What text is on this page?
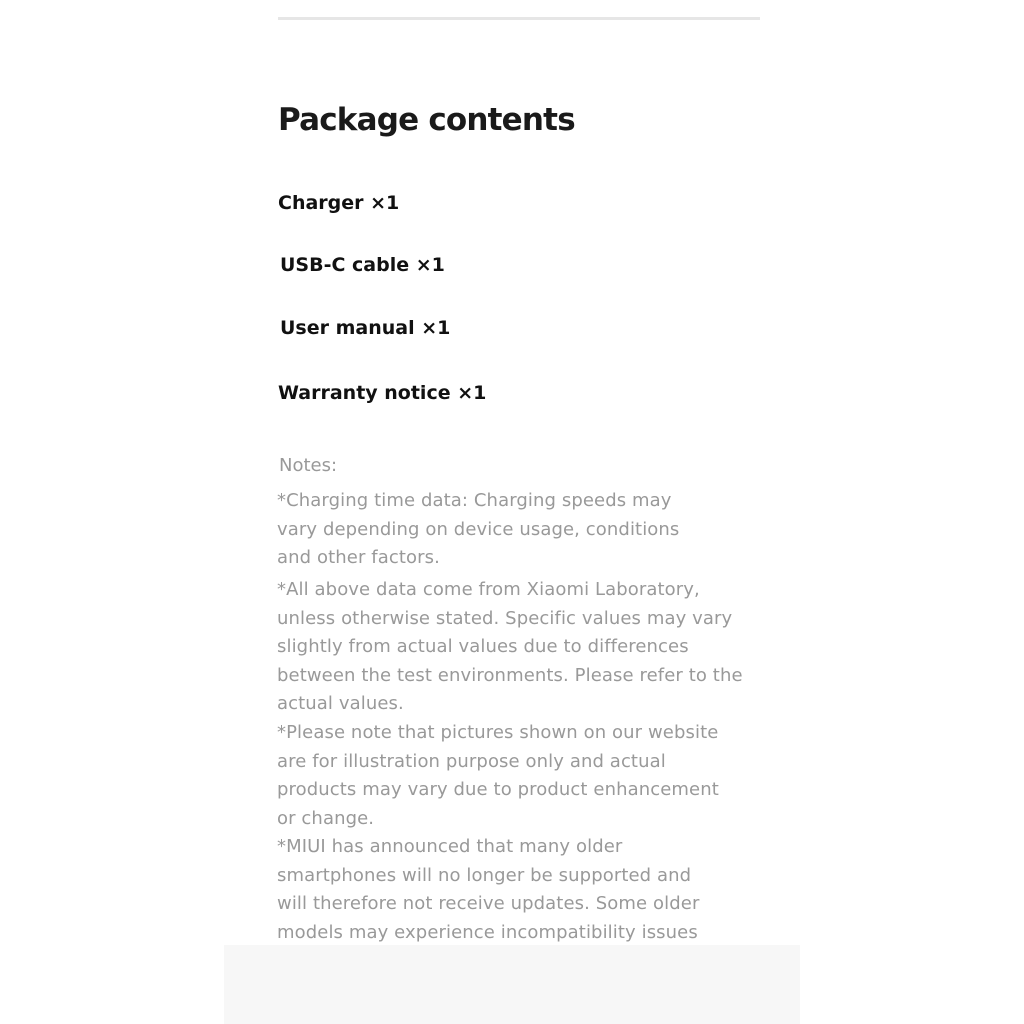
Package contents

Charger ×1

USB-C cable ×1

User manual ×1

Warranty notice ×1

Notes:

*Charging time data: Charging speeds may vary depending on device usage, conditions and other factors.

*All above data come from Xiaomi Laboratory, unless otherwise stated. Specific values may vary slightly from actual values due to differences between the test environments. Please refer to the actual values.

*Please note that pictures shown on our website are for illustration purpose only and actual products may vary due to product enhancement or change.

*MIUI has announced that many older smartphones will no longer be supported and will therefore not receive updates. Some older models may experience incompatibility issues
